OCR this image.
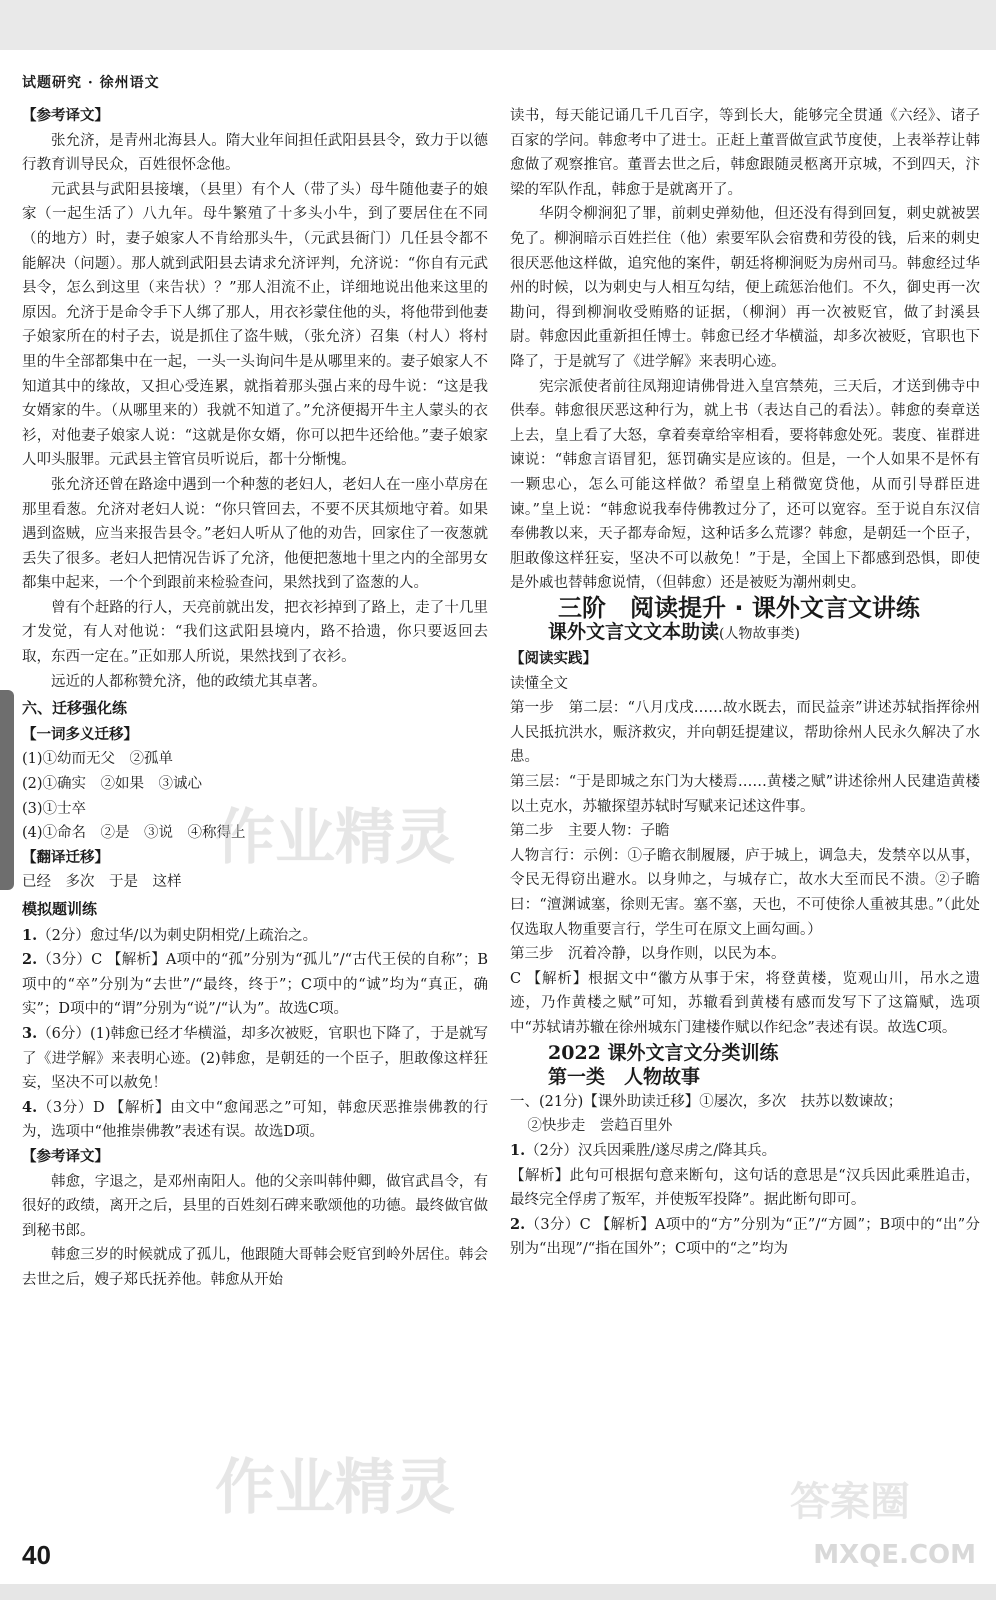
试题研究 · 徐州语文

【参考译文】

张允济，是青州北海县人。隋大业年间担任武阳县县令，致力于以德行教育训导民众，百姓很怀念他。

元武县与武阳县接壤，（县里）有个人（带了头）母牛随他妻子的娘家（一起生活了）八九年。母牛繁殖了十多头小牛，到了要居住在不同（的地方）时，妻子娘家人不肯给那头牛，（元武县衙门）几任县令都不能解决（问题）。那人就到武阳县去请求允济评判，允济说：“你自有元武县令，怎么到这里（来告状）？”那人泪流不止，详细地说出他来这里的原因。允济于是命令手下人绑了那人，用衣衫蒙住他的头，将他带到他妻子娘家所在的村子去，说是抓住了盗牛贼，（张允济）召集（村人）将村里的牛全部都集中在一起，一头一头询问牛是从哪里来的。妻子娘家人不知道其中的缘故，又担心受连累，就指着那头强占来的母牛说：“这是我女婿家的牛。（从哪里来的）我就不知道了。”允济便揭开牛主人蒙头的衣衫，对他妻子娘家人说：“这就是你女婿，你可以把牛还给他。”妻子娘家人叩头服罪。元武县主管官员听说后，都十分惭愧。

张允济还曾在路途中遇到一个种葱的老妇人，老妇人在一座小草房在那里看葱。允济对老妇人说：“你只管回去，不要不厌其烦地守着。如果遇到盗贼，应当来报告县令。”老妇人听从了他的劝告，回家住了一夜葱就丢失了很多。老妇人把情况告诉了允济，他便把葱地十里之内的全部男女都集中起来，一个个到跟前来检验查问，果然找到了盗葱的人。

曾有个赶路的行人，天亮前就出发，把衣衫掉到了路上，走了十几里才发觉，有人对他说：“我们这武阳县境内，路不拾遗，你只要返回去取，东西一定在。”正如那人所说，果然找到了衣衫。

远近的人都称赞允济，他的政绩尤其卓著。

六、迁移强化练

【一词多义迁移】

(1)①幼而无父　②孤单

(2)①确实　②如果　③诚心

(3)①士卒

(4)①命名　②是　③说　④称得上

【翻译迁移】

已经　多次　于是　这样

模拟题训练

1.（2分）愈过华/以为刺史阴相党/上疏治之。

2.（3分）C 【解析】A项中的“孤”分别为“孤儿”/“古代王侯的自称”；B项中的“卒”分别为“去世”/“最终，终于”；C项中的“诚”均为“真正，确实”；D项中的“谓”分别为“说”/“认为”。故选C项。

3.（6分）(1)韩愈已经才华横溢，却多次被贬，官职也下降了，于是就写了《进学解》来表明心迹。(2)韩愈，是朝廷的一个臣子，胆敢像这样狂妄，坚决不可以赦免！

4.（3分）D 【解析】由文中“愈闻恶之”可知，韩愈厌恶推崇佛教的行为，选项中“他推崇佛教”表述有误。故选D项。

【参考译文】

韩愈，字退之，是邓州南阳人。他的父亲叫韩仲卿，做官武昌令，有很好的政绩，离开之后，县里的百姓刻石碑来歌颂他的功德。最终做官做到秘书郎。

韩愈三岁的时候就成了孤儿，他跟随大哥韩会贬官到岭外居住。韩会去世之后，嫂子郑氏抚养他。韩愈从开始

读书，每天能记诵几千几百字，等到长大，能够完全贯通《六经》、诸子百家的学问。韩愈考中了进士。正赶上董晋做宣武节度使，上表举荐让韩愈做了观察推官。董晋去世之后，韩愈跟随灵柩离开京城，不到四天，汴梁的军队作乱，韩愈于是就离开了。

华阴令柳涧犯了罪，前刺史弹劾他，但还没有得到回复，刺史就被罢免了。柳涧暗示百姓拦住（他）索要军队会宿费和劳役的钱，后来的刺史很厌恶他这样做，追究他的案件，朝廷将柳涧贬为房州司马。韩愈经过华州的时候，以为刺史与人相互勾结，便上疏惩治他们。不久，御史再一次勘问，得到柳涧收受贿赂的证据，（柳涧）再一次被贬官，做了封溪县尉。韩愈因此重新担任博士。韩愈已经才华横溢，却多次被贬，官职也下降了，于是就写了《进学解》来表明心迹。

宪宗派使者前往凤翔迎请佛骨进入皇宫禁苑，三天后，才送到佛寺中供奉。韩愈很厌恶这种行为，就上书（表达自己的看法）。韩愈的奏章送上去，皇上看了大怒，拿着奏章给宰相看，要将韩愈处死。裴度、崔群进谏说：“韩愈言语冒犯，惩罚确实是应该的。但是，一个人如果不是怀有一颗忠心，怎么可能这样做？希望皇上稍微宽贷他，从而引导群臣进谏。”皇上说：“韩愈说我奉侍佛教过分了，还可以宽容。至于说自东汉信奉佛教以来，天子都寿命短，这种话多么荒谬？韩愈，是朝廷一个臣子，胆敢像这样狂妄，坚决不可以赦免！”于是，全国上下都感到恐惧，即使是外戚也替韩愈说情，（但韩愈）还是被贬为潮州刺史。

三阶　阅读提升 · 课外文言文讲练

课外文言文文本助读(人物故事类)

【阅读实践】

读懂全文

第一步　第二层：“八月戊戌……故水既去，而民益亲”讲述苏轼指挥徐州人民抵抗洪水，赈济救灾，并向朝廷提建议，帮助徐州人民永久解决了水患。

第三层：“于是即城之东门为大楼焉……黄楼之赋”讲述徐州人民建造黄楼以土克水，苏辙探望苏轼时写赋来记述这件事。

第二步　主要人物：子瞻

人物言行：示例：①子瞻衣制履屦，庐于城上，调急夫，发禁卒以从事，令民无得窃出避水。以身帅之，与城存亡，故水大至而民不溃。②子瞻曰：“澶渊诚塞，徐则无害。塞不塞，天也，不可使徐人重被其患。”（此处仅选取人物重要言行，学生可在原文上画勾画。）

第三步　沉着冷静，以身作则，以民为本。

C 【解析】根据文中“徽方从事于宋，将登黄楼，览观山川，吊水之遗迹，乃作黄楼之赋”可知，苏辙看到黄楼有感而发写下了这篇赋，选项中“苏轼请苏辙在徐州城东门建楼作赋以作纪念”表述有误。故选C项。

2022 课外文言文分类训练

第一类　人物故事

一、(21分)【课外助读迁移】①屡次，多次　扶苏以数谏故；

②快步走　尝趋百里外

1.（2分）汉兵因乘胜/遂尽虏之/降其兵。

【解析】此句可根据句意来断句，这句话的意思是“汉兵因此乘胜追击，最终完全俘虏了叛军，并使叛军投降”。据此断句即可。

2.（3分）C 【解析】A项中的“方”分别为“正”/“方圆”；B项中的“出”分别为“出现”/“指在国外”；C项中的“之”均为

作业精灵
作业精灵	答案圈
MXQE.COM
40
